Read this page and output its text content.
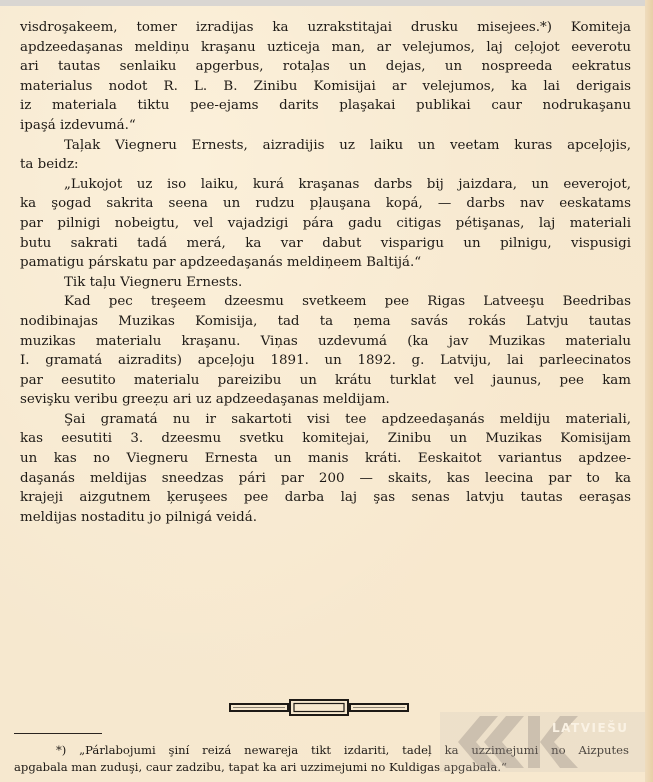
visdroşakeem, tomer izradijas ka uzrakstitajai drusku misejees.*) Komiteja
apdzeedaşanas meldiņu kraşanu uzticeja man, ar velejumos, laj ceļojot eeverotu
ari tautas senlaiku apgerbus, rotaļas un dejas, un nospreeda eekratus
materialus nodot R. L. B. Zinibu Komisijai ar velejumos, ka lai derigais
iz materiala tiktu pee-ejams darits plaşakai publikai caur nodrukaşanu
ipaşá izdevumá.“

Taļak Viegneru Ernests, aizradijis uz laiku un veetam kuras apceļojis,
ta beidz:

„Lukojot uz iso laiku, kurá kraşanas darbs bij jaizdara, un eeverojot,
ka şogad sakrita seena un rudzu pļauşana kopá, — darbs nav eeskatams
par pilnigi nobeigtu, vel vajadzigi pára gadu citigas pétişanas, laj materiali
butu sakrati tadá merá, ka var dabut visparigu un pilnigu, vispusigi
pamatigu párskatu par apdzeedaşanás meldiņeem Baltijá.“

Tik taļu Viegneru Ernests.

Kad pec treşeem dzeesmu svetkeem pee Rigas Latveeşu Beedribas
nodibinajas Muzikas Komisija, tad ta ņema savás rokás Latvju tautas
muzikas materialu kraşanu. Viņas uzdevumá (ka jav Muzikas materialu
I. gramatá aizradits) apceļoju 1891. un 1892. g. Latviju, lai parleecinatos
par eesutito materialu pareizibu un krátu turklat vel jaunus, pee kam
sevişku veribu greeẓu ari uz apdzeedaşanas meldijam.

Şai gramatá nu ir sakartoti visi tee apdzeedaşanás meldiju materiali,
kas eesutiti 3. dzeesmu svetku komitejai, Zinibu un Muzikas Komisijam
un kas no Viegneru Ernesta un manis kráti. Eeskaitot variantus apdzee-
daşanás meldijas sneedzas pári par 200 — skaits, kas leecina par to ka
krajeji aizgutnem ķeruşees pee darba laj şas senas latvju tautas eeraşas
meldijas nostaditu jo pilnigá veidá.

*) „Párlabojumi şiní reizá newareja tikt izdariti, tadeļ ka uzzimejumi no Aizputes
apgabala man zuduşi, caur zadzibu, tapat ka ari uzzimejumi no Kuldigas apgabala.“
LATVIEŠU
